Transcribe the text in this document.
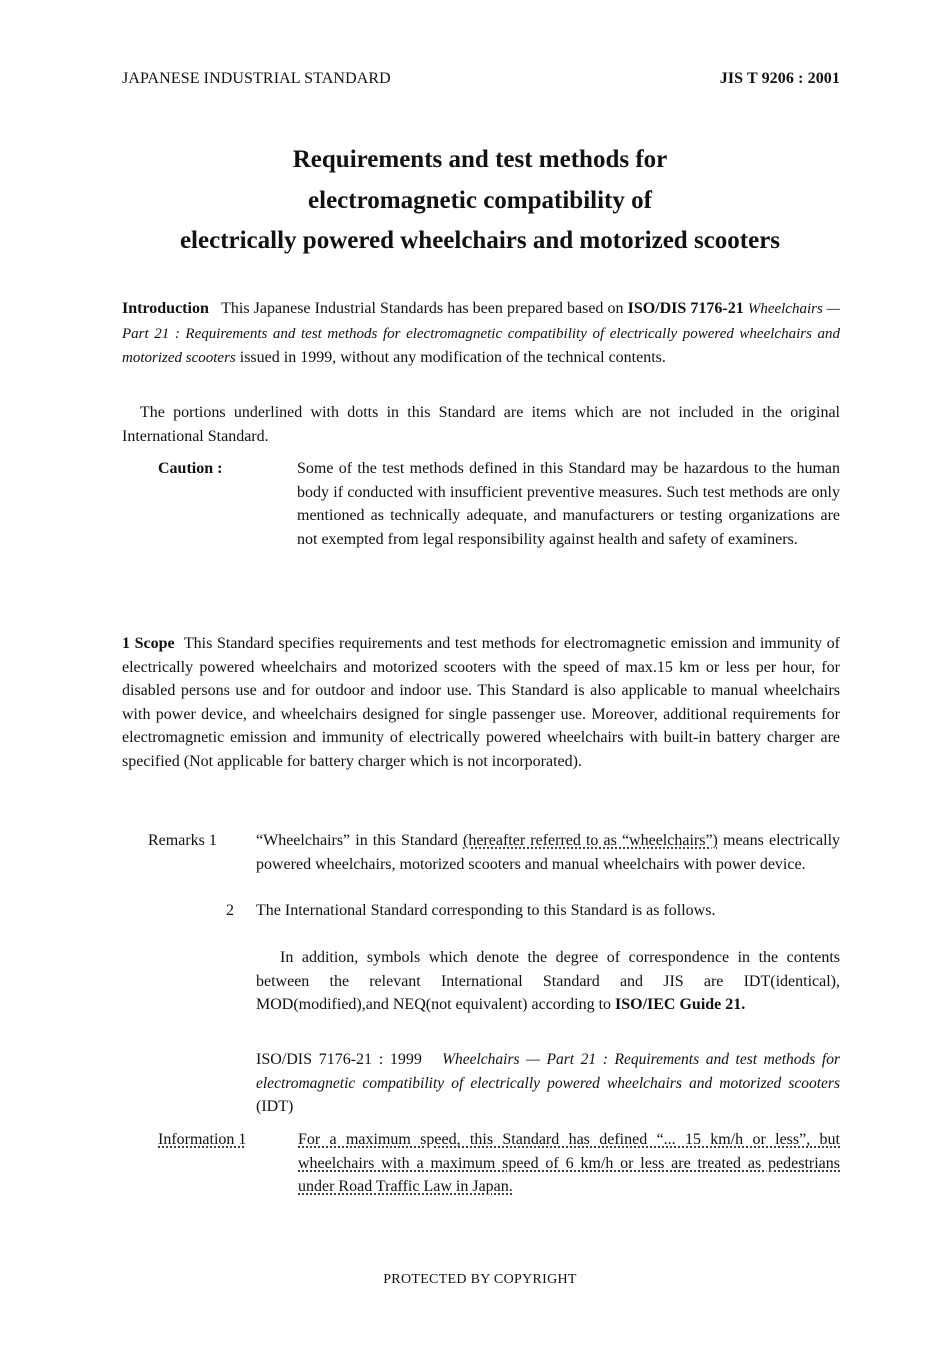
JAPANESE INDUSTRIAL STANDARD	JIS T 9206 : 2001
Requirements and test methods for
electromagnetic compatibility of
electrically powered wheelchairs and motorized scooters
Introduction This Japanese Industrial Standards has been prepared based on ISO/DIS 7176-21 Wheelchairs — Part 21 : Requirements and test methods for electromagnetic compatibility of electrically powered wheelchairs and motorized scooters issued in 1999, without any modification of the technical contents.
The portions underlined with dotts in this Standard are items which are not included in the original International Standard.
Caution :	Some of the test methods defined in this Standard may be hazardous to the human body if conducted with insufficient preventive measures. Such test methods are only mentioned as technically adequate, and manufacturers or testing organizations are not exempted from legal responsibility against health and safety of examiners.
1 Scope This Standard specifies requirements and test methods for electromagnetic emission and immunity of electrically powered wheelchairs and motorized scooters with the speed of max.15 km or less per hour, for disabled persons use and for outdoor and indoor use. This Standard is also applicable to manual wheelchairs with power device, and wheelchairs designed for single passenger use. Moreover, additional requirements for electromagnetic emission and immunity of electrically powered wheelchairs with built-in battery charger are specified (Not applicable for battery charger which is not incorporated).
Remarks 1 “Wheelchairs” in this Standard (hereafter referred to as “wheelchairs”) means electrically powered wheelchairs, motorized scooters and manual wheelchairs with power device.
2 The International Standard corresponding to this Standard is as follows.
In addition, symbols which denote the degree of correspondence in the contents between the relevant International Standard and JIS are IDT(identical), MOD(modified),and NEQ(not equivalent) according to ISO/IEC Guide 21.
ISO/DIS 7176-21 : 1999 Wheelchairs — Part 21 : Requirements and test methods for electromagnetic compatibility of electrically powered wheelchairs and motorized scooters (IDT)
Information 1	For a maximum speed, this Standard has defined “... 15 km/h or less”, but wheelchairs with a maximum speed of 6 km/h or less are treated as pedestrians under Road Traffic Law in Japan.
PROTECTED BY COPYRIGHT
